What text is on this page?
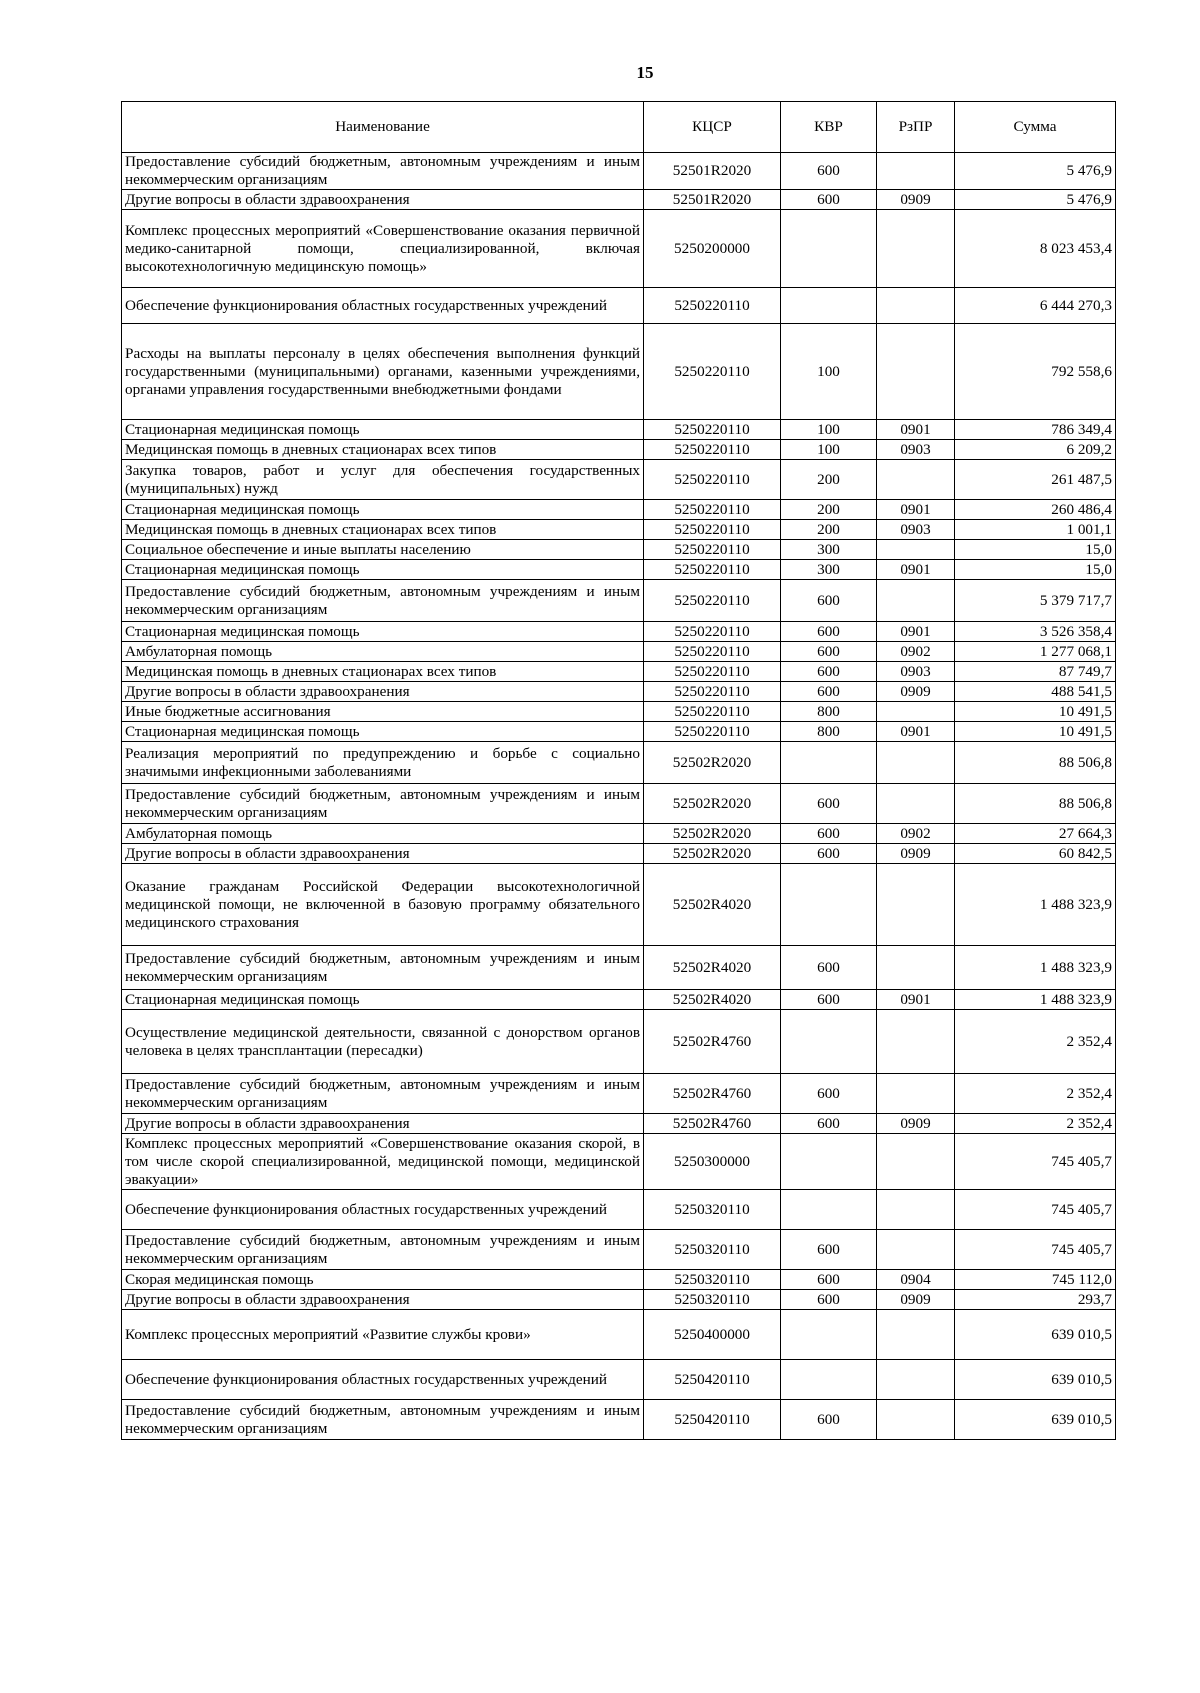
15
Наименование	КЦСР	КВР	РзПР	Сумма
Предоставление субсидий бюджетным, автономным учреждениям и иным некоммерческим организациям	52501R2020	600		5 476,9
Другие вопросы в области здравоохранения	52501R2020	600	0909	5 476,9
Комплекс процессных мероприятий «Совершенствование оказания первичной медико-санитарной помощи, специализированной, включая высокотехнологичную медицинскую помощь»	5250200000			8 023 453,4
Обеспечение функционирования областных государственных учреждений	5250220110			6 444 270,3
Расходы на выплаты персоналу в целях обеспечения выполнения функций государственными (муниципальными) органами, казенными учреждениями, органами управления государственными внебюджетными фондами	5250220110	100		792 558,6
Стационарная медицинская помощь	5250220110	100	0901	786 349,4
Медицинская помощь в дневных стационарах всех типов	5250220110	100	0903	6 209,2
Закупка товаров, работ и услуг для обеспечения государственных (муниципальных) нужд	5250220110	200		261 487,5
Стационарная медицинская помощь	5250220110	200	0901	260 486,4
Медицинская помощь в дневных стационарах всех типов	5250220110	200	0903	1 001,1
Социальное обеспечение и иные выплаты населению	5250220110	300		15,0
Стационарная медицинская помощь	5250220110	300	0901	15,0
Предоставление субсидий бюджетным, автономным учреждениям и иным некоммерческим организациям	5250220110	600		5 379 717,7
Стационарная медицинская помощь	5250220110	600	0901	3 526 358,4
Амбулаторная помощь	5250220110	600	0902	1 277 068,1
Медицинская помощь в дневных стационарах всех типов	5250220110	600	0903	87 749,7
Другие вопросы в области здравоохранения	5250220110	600	0909	488 541,5
Иные бюджетные ассигнования	5250220110	800		10 491,5
Стационарная медицинская помощь	5250220110	800	0901	10 491,5
Реализация мероприятий по предупреждению и борьбе с социально значимыми инфекционными заболеваниями	52502R2020			88 506,8
Предоставление субсидий бюджетным, автономным учреждениям и иным некоммерческим организациям	52502R2020	600		88 506,8
Амбулаторная помощь	52502R2020	600	0902	27 664,3
Другие вопросы в области здравоохранения	52502R2020	600	0909	60 842,5
Оказание гражданам Российской Федерации высокотехнологичной медицинской помощи, не включенной в базовую программу обязательного медицинского страхования	52502R4020			1 488 323,9
Предоставление субсидий бюджетным, автономным учреждениям и иным некоммерческим организациям	52502R4020	600		1 488 323,9
Стационарная медицинская помощь	52502R4020	600	0901	1 488 323,9
Осуществление медицинской деятельности, связанной с донорством органов человека в целях трансплантации (пересадки)	52502R4760			2 352,4
Предоставление субсидий бюджетным, автономным учреждениям и иным некоммерческим организациям	52502R4760	600		2 352,4
Другие вопросы в области здравоохранения	52502R4760	600	0909	2 352,4
Комплекс процессных мероприятий «Совершенствование оказания скорой, в том числе скорой специализированной, медицинской помощи, медицинской эвакуации»	5250300000			745 405,7
Обеспечение функционирования областных государственных учреждений	5250320110			745 405,7
Предоставление субсидий бюджетным, автономным учреждениям и иным некоммерческим организациям	5250320110	600		745 405,7
Скорая медицинская помощь	5250320110	600	0904	745 112,0
Другие вопросы в области здравоохранения	5250320110	600	0909	293,7
Комплекс процессных мероприятий «Развитие службы крови»	5250400000			639 010,5
Обеспечение функционирования областных государственных учреждений	5250420110			639 010,5
Предоставление субсидий бюджетным, автономным учреждениям и иным некоммерческим организациям	5250420110	600		639 010,5
